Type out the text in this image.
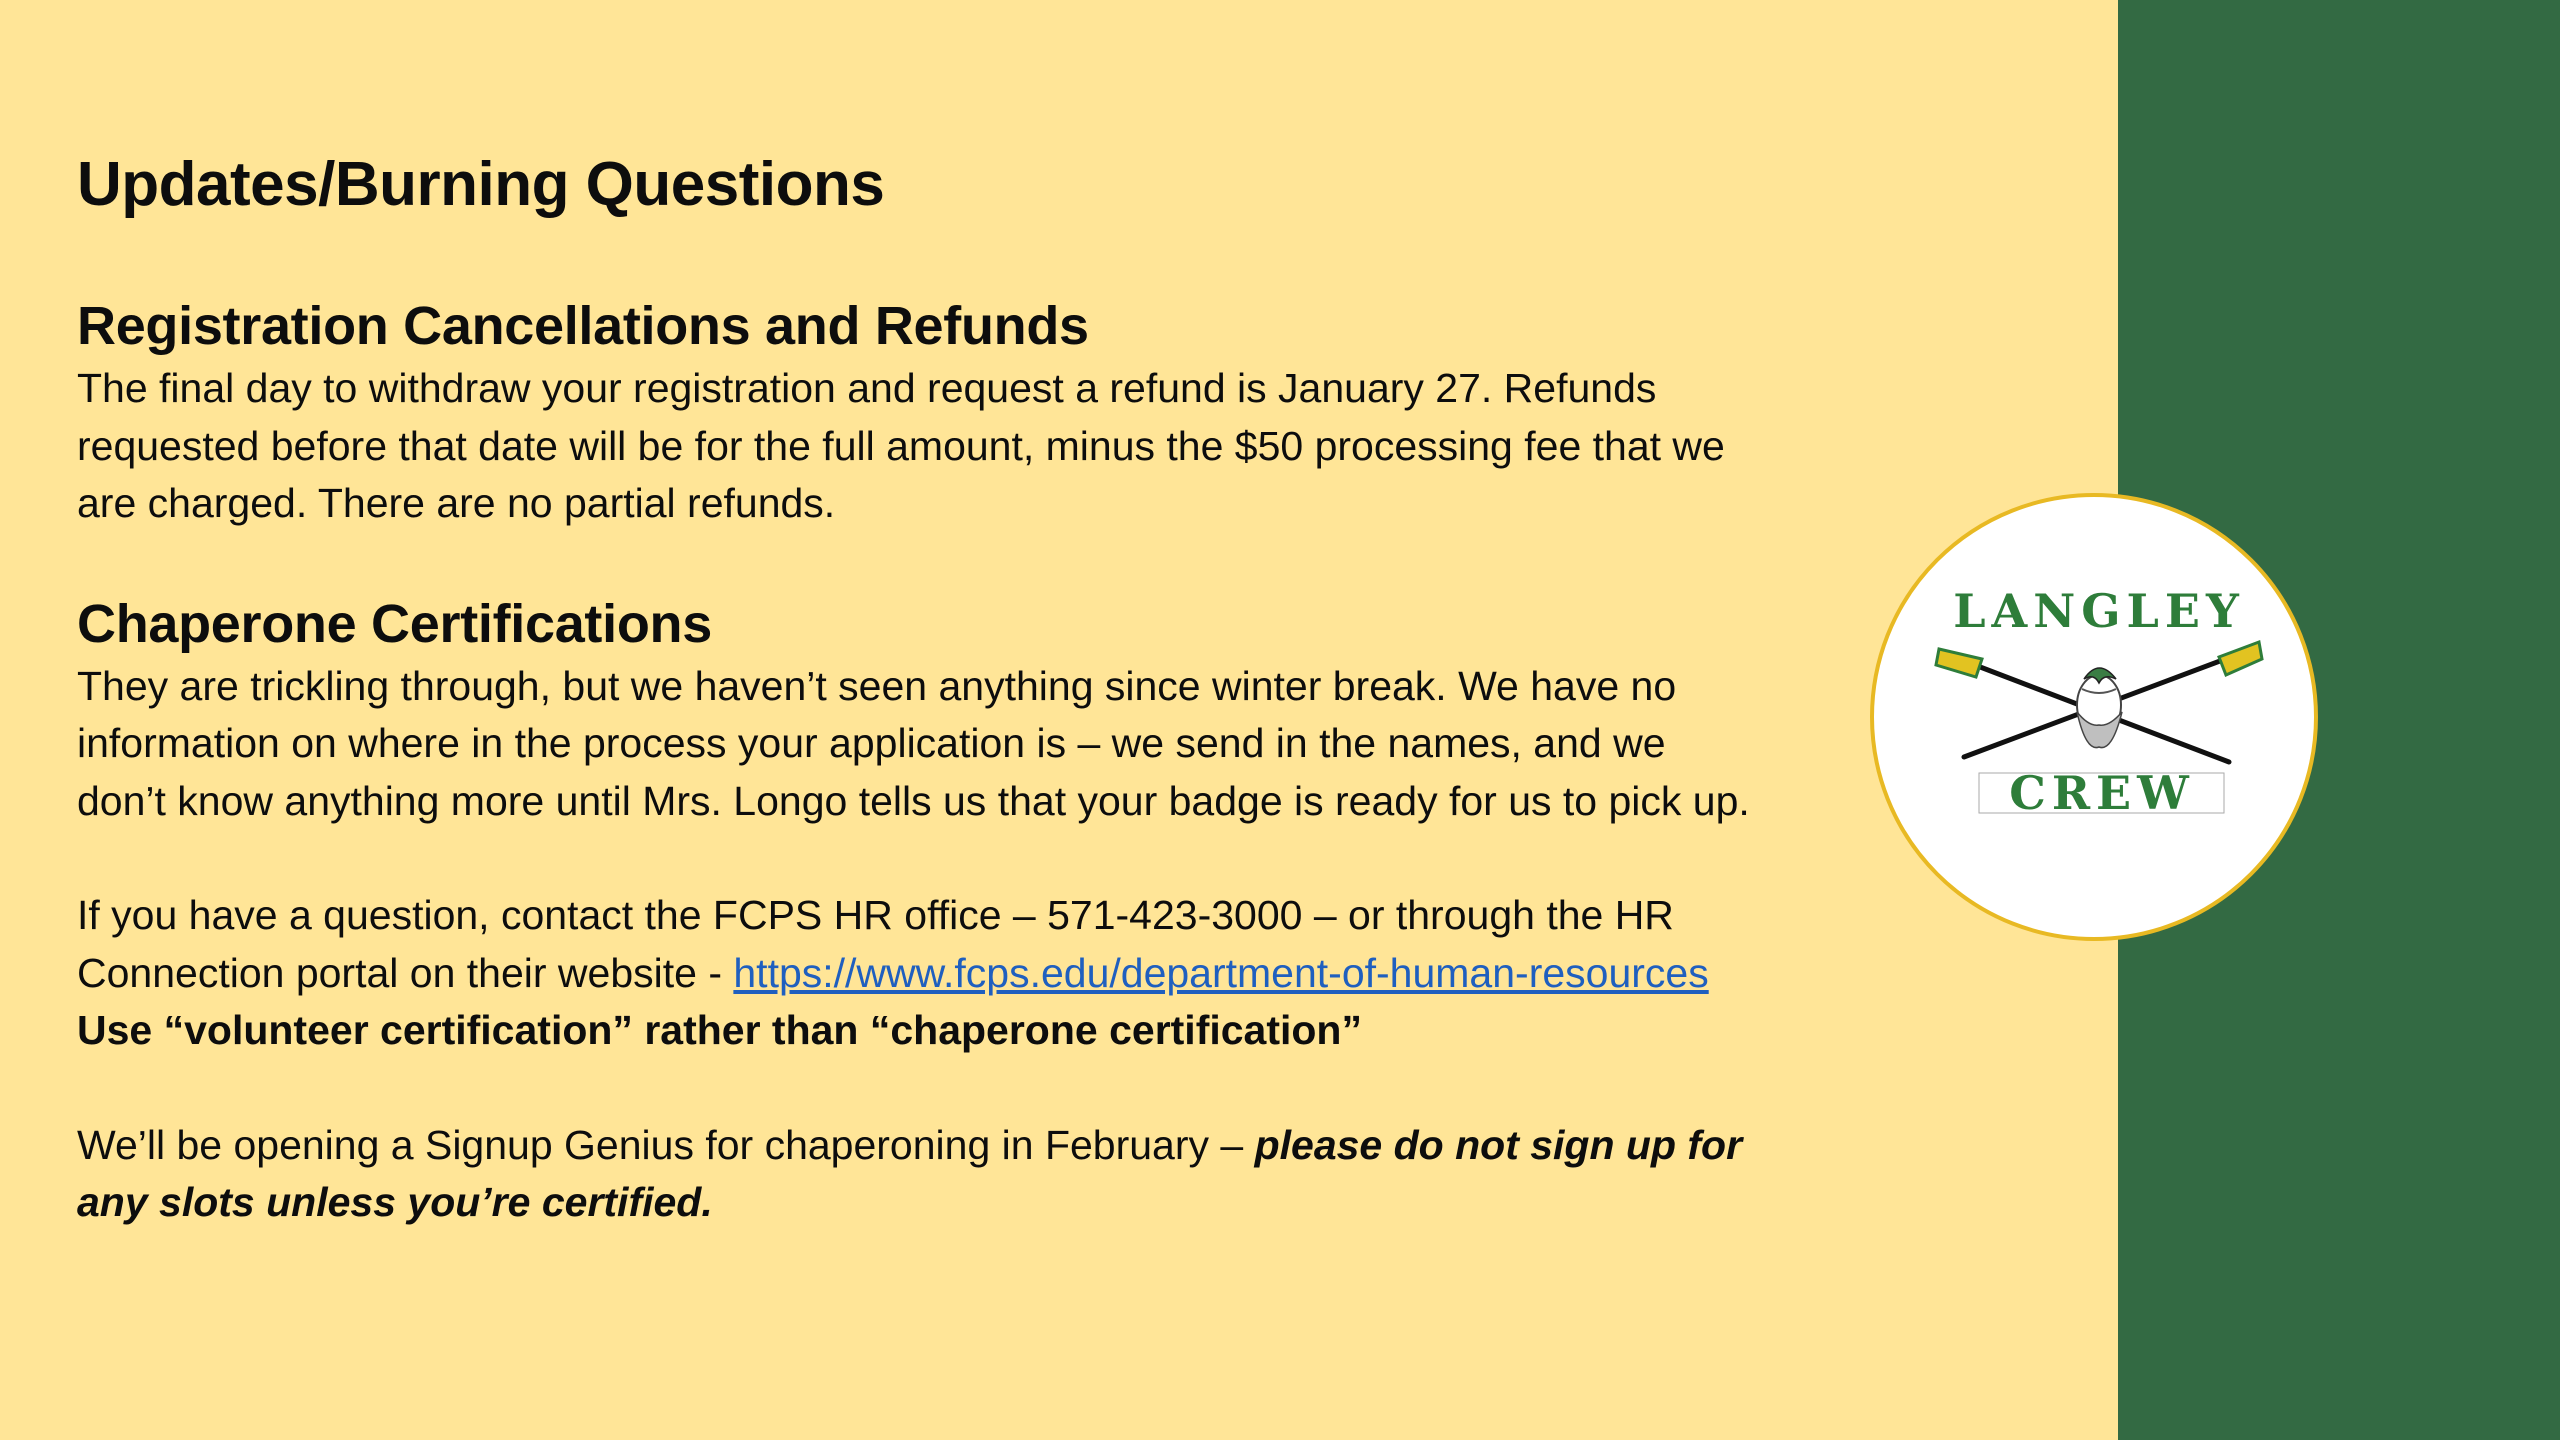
Updates/Burning Questions
Registration Cancellations and Refunds

The final day to withdraw your registration and request a refund is January 27. Refunds

requested before that date will be for the full amount, minus the $50 processing fee that we

are charged. There are no partial refunds.

Chaperone Certifications

They are trickling through, but we haven’t seen anything since winter break. We have no

information on where in the process your application is – we send in the names, and we

don’t know anything more until Mrs. Longo tells us that your badge is ready for us to pick up.

If you have a question, contact the FCPS HR office – 571-423-3000 – or through the HR

Connection portal on their website - https://www.fcps.edu/department-of-human-resources

Use “volunteer certification” rather than “chaperone certification”

We’ll be opening a Signup Genius for chaperoning in February – please do not sign up for

any slots unless you’re certified.

LANGLEY
CREW
